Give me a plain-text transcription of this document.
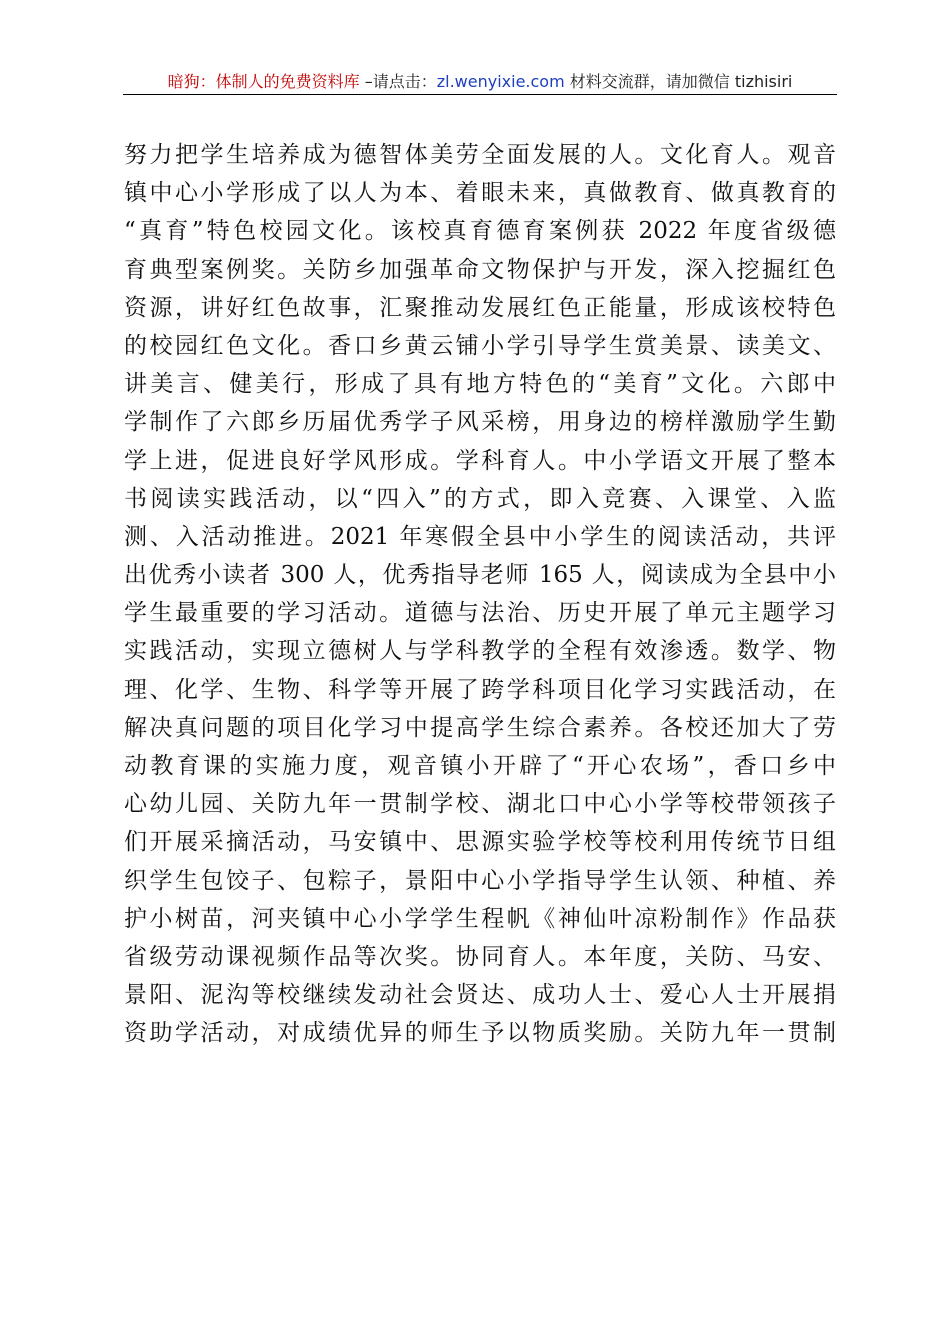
暗狗：体制人的免费资料库 –请点击：zl.wenyixie.com 材料交流群，请加微信 tizhisiri
努力把学生培养成为德智体美劳全面发展的人。文化育人。观音
镇中心小学形成了以人为本、着眼未来，真做教育、做真教育的
“真育”特色校园文化。该校真育德育案例获 2022 年度省级德
育典型案例奖。关防乡加强革命文物保护与开发，深入挖掘红色
资源，讲好红色故事，汇聚推动发展红色正能量，形成该校特色
的校园红色文化。香口乡黄云铺小学引导学生赏美景、读美文、
讲美言、健美行，形成了具有地方特色的“美育”文化。六郎中
学制作了六郎乡历届优秀学子风采榜，用身边的榜样激励学生勤
学上进，促进良好学风形成。学科育人。中小学语文开展了整本
书阅读实践活动，以“四入”的方式，即入竞赛、入课堂、入监
测、入活动推进。2021 年寒假全县中小学生的阅读活动，共评
出优秀小读者 300 人，优秀指导老师 165 人，阅读成为全县中小
学生最重要的学习活动。道德与法治、历史开展了单元主题学习
实践活动，实现立德树人与学科教学的全程有效渗透。数学、物
理、化学、生物、科学等开展了跨学科项目化学习实践活动，在
解决真问题的项目化学习中提高学生综合素养。各校还加大了劳
动教育课的实施力度，观音镇小开辟了“开心农场”，香口乡中
心幼儿园、关防九年一贯制学校、湖北口中心小学等校带领孩子
们开展采摘活动，马安镇中、思源实验学校等校利用传统节日组
织学生包饺子、包粽子，景阳中心小学指导学生认领、种植、养
护小树苗，河夹镇中心小学学生程帆《神仙叶凉粉制作》作品获
省级劳动课视频作品等次奖。协同育人。本年度，关防、马安、
景阳、泥沟等校继续发动社会贤达、成功人士、爱心人士开展捐
资助学活动，对成绩优异的师生予以物质奖励。关防九年一贯制
